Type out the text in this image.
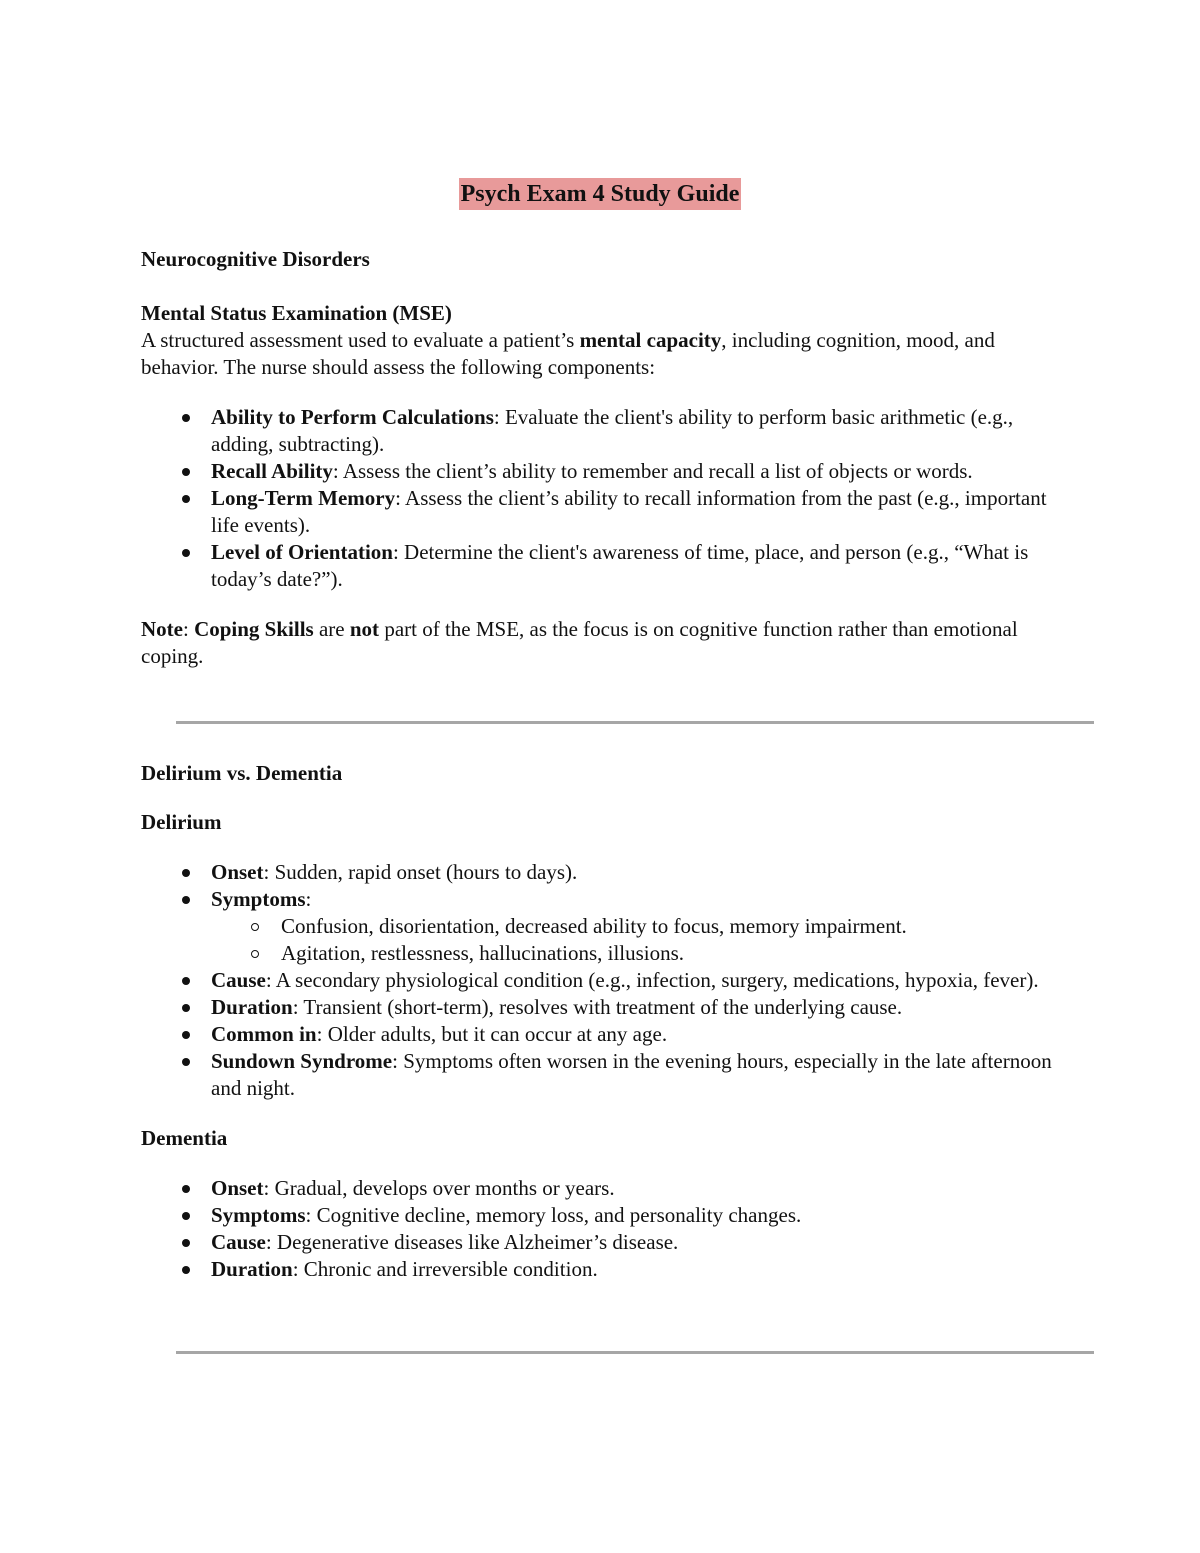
Psych Exam 4 Study Guide

Neurocognitive Disorders

Mental Status Examination (MSE)

A structured assessment used to evaluate a patient’s mental capacity, including cognition, mood, and behavior. The nurse should assess the following components:

Ability to Perform Calculations: Evaluate the client's ability to perform basic arithmetic (e.g., adding, subtracting).
Recall Ability: Assess the client’s ability to remember and recall a list of objects or words.
Long-Term Memory: Assess the client’s ability to recall information from the past (e.g., important life events).
Level of Orientation: Determine the client's awareness of time, place, and person (e.g., “What is today’s date?”).

Note: Coping Skills are not part of the MSE, as the focus is on cognitive function rather than emotional coping.

Delirium vs. Dementia

Delirium

Onset: Sudden, rapid onset (hours to days).
Symptoms:
Confusion, disorientation, decreased ability to focus, memory impairment.
Agitation, restlessness, hallucinations, illusions.
Cause: A secondary physiological condition (e.g., infection, surgery, medications, hypoxia, fever).
Duration: Transient (short-term), resolves with treatment of the underlying cause.
Common in: Older adults, but it can occur at any age.
Sundown Syndrome: Symptoms often worsen in the evening hours, especially in the late afternoon and night.

Dementia

Onset: Gradual, develops over months or years.
Symptoms: Cognitive decline, memory loss, and personality changes.
Cause: Degenerative diseases like Alzheimer’s disease.
Duration: Chronic and irreversible condition.
